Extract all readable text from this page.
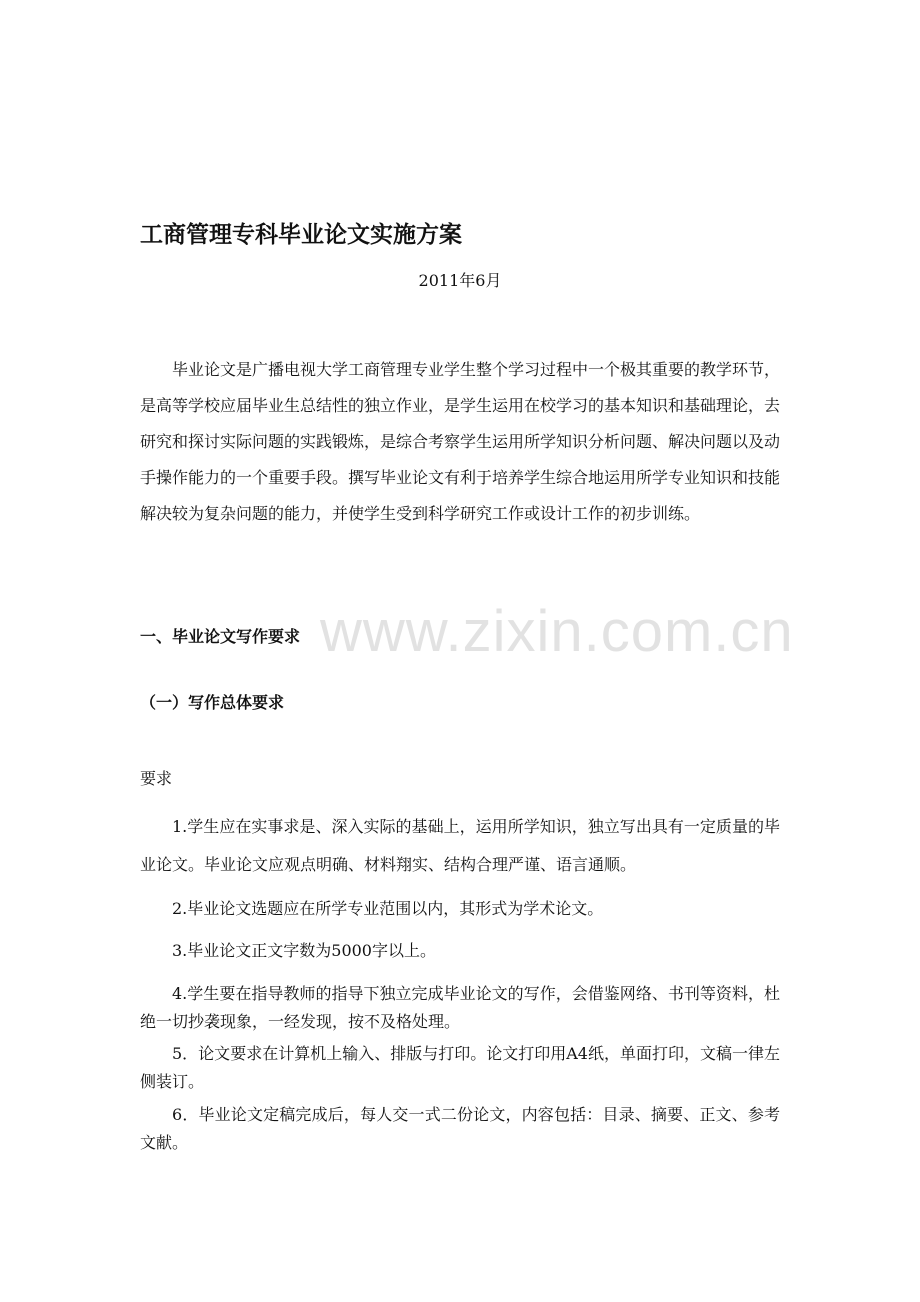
www.zixin.com.cn
工商管理专科毕业论文实施方案
2011年6月

毕业论文是广播电视大学工商管理专业学生整个学习过程中一个极其重要的教学环节，是高等学校应届毕业生总结性的独立作业，是学生运用在校学习的基本知识和基础理论，去研究和探讨实际问题的实践锻炼，是综合考察学生运用所学知识分析问题、解决问题以及动手操作能力的一个重要手段。撰写毕业论文有利于培养学生综合地运用所学专业知识和技能解决较为复杂问题的能力，并使学生受到科学研究工作或设计工作的初步训练。

一、毕业论文写作要求
（一）写作总体要求
要求

1.学生应在实事求是、深入实际的基础上，运用所学知识，独立写出具有一定质量的毕业论文。毕业论文应观点明确、材料翔实、结构合理严谨、语言通顺。

2.毕业论文选题应在所学专业范围以内，其形式为学术论文。

3.毕业论文正文字数为5000字以上。

4.学生要在指导教师的指导下独立完成毕业论文的写作，会借鉴网络、书刊等资料，杜绝一切抄袭现象，一经发现，按不及格处理。

5．论文要求在计算机上输入、排版与打印。论文打印用A4纸，单面打印，文稿一律左侧装订。

6．毕业论文定稿完成后，每人交一式二份论文，内容包括：目录、摘要、正文、参考文献。
